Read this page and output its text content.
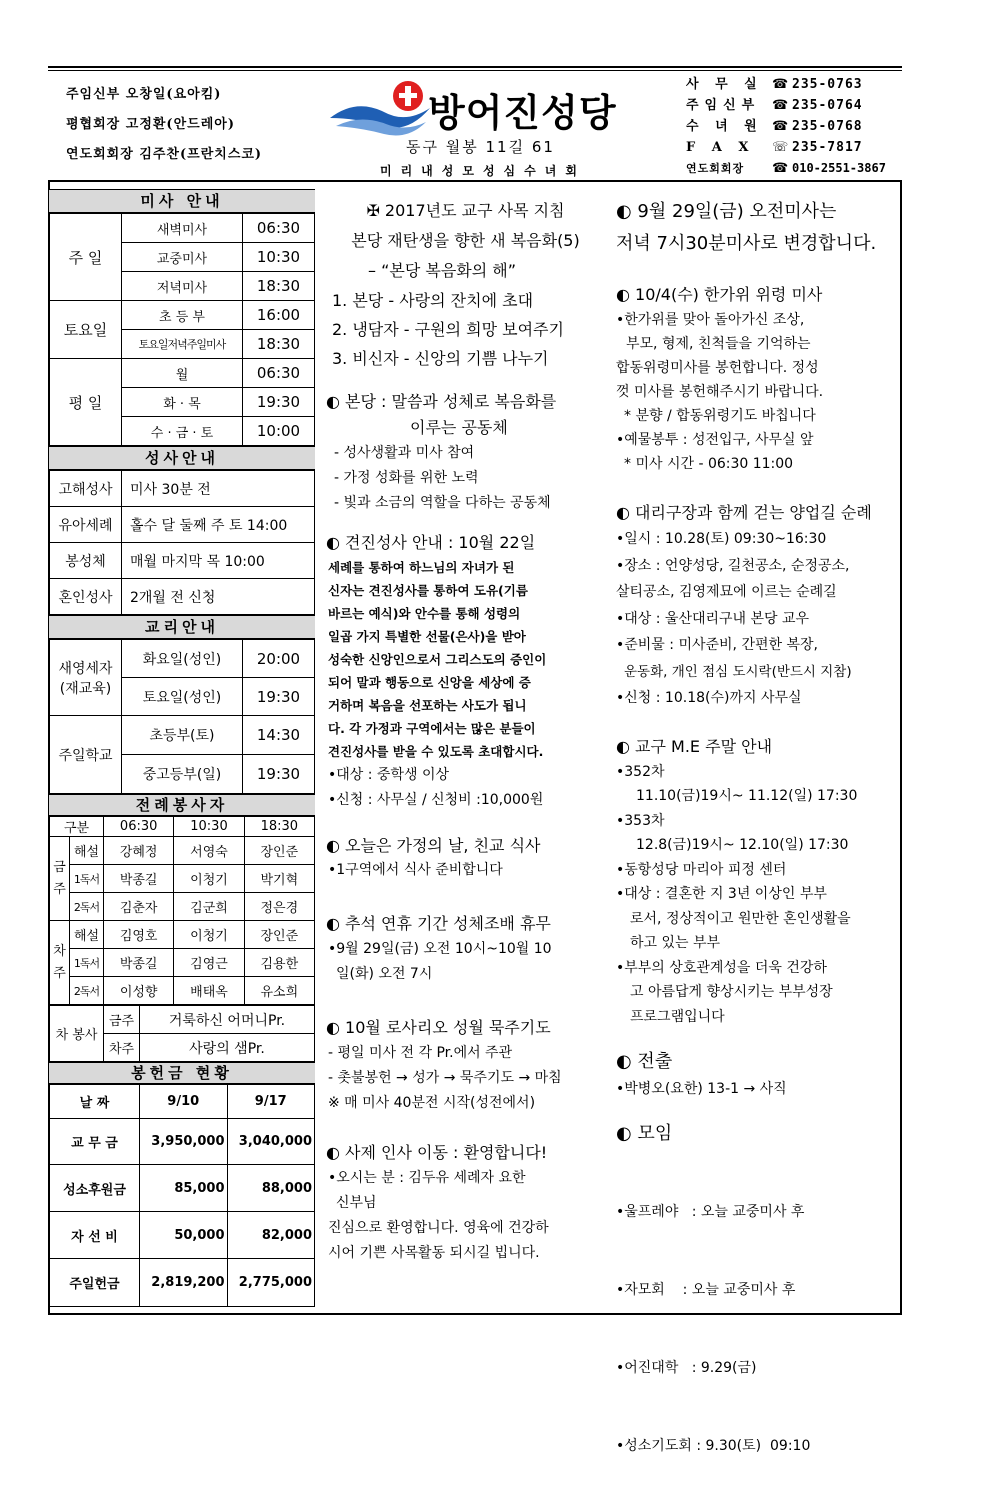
주임신부 오창일(요아킴)
평협회장 고정환(안드레아)
연도회회장 김주찬(프란치스코)
방어진성당
동구 월봉 11길 61
미리내성모성심수녀회
사 무 실 ☎ 235-0763
주임신부 ☎ 235-0764
수 녀 원 ☎ 235-0768
F A X	☏ 235-7817
연도회회장	☎ 010-2551-3867
미사 안내
주 일	새벽미사	06:30
	교중미사	10:30
	저녁미사	18:30
토요일	초 등 부	16:00
	토요일저녁주일미사	18:30
평 일	월	06:30
	화 · 목	19:30
	수 · 금 · 토	10:00
성사안내
고해성사	미사 30분 전
유아세례	홀수 달 둘째 주 토 14:00
봉성체	매월 마지막 목 10:00
혼인성사	2개월 전 신청
교리안내
새영세자
(재교육)	화요일(성인)	20:00
	토요일(성인)	19:30
주일학교	초등부(토)	14:30
	중고등부(일)	19:30
전례봉사자
구분		06:30	10:30	18:30
금
주	해설	강혜정	서영숙	장인준
	1독서	박종길	이청기	박기혁
	2독서	김춘자	김군희	정은경
차
주	해설	김영호	이청기	장인준
	1독서	박종길	김영근	김용한
	2독서	이성향	배태옥	유소희
차 봉사	금주	거룩하신 어머니Pr.
	차주	사랑의 샘Pr.
봉헌금 현황
날 짜	9/10	9/17
교 무 금	3,950,000	3,040,000
성소후원금	85,000	88,000
자 선 비	50,000	82,000
주일헌금	2,819,200	2,775,000
✠ 2017년도 교구 사목 지침
본당 재탄생을 향한 새 복음화(5)
– “본당 복음화의 해”
1. 본당 - 사랑의 잔치에 초대
2. 냉담자 - 구원의 희망 보여주기
3. 비신자 - 신앙의 기쁨 나누기
◐ 본당 : 말씀과 성체로 복음화를
이루는 공동체
- 성사생활과 미사 참여
- 가정 성화를 위한 노력
- 빛과 소금의 역할을 다하는 공동체
◐ 견진성사 안내 : 10월 22일
세례를 통하여 하느님의 자녀가 된
신자는 견진성사를 통하여 도유(기름
바르는 예식)와 안수를 통해 성령의
일곱 가지 특별한 선물(은사)을 받아
성숙한 신앙인으로서 그리스도의 증인이
되어 말과 행동으로 신앙을 세상에 증
거하며 복음을 선포하는 사도가 됩니
다. 각 가정과 구역에서는 많은 분들이
견진성사를 받을 수 있도록 초대합시다.
•대상 : 중학생 이상
•신청 : 사무실 / 신청비 :10,000원
◐ 오늘은 가정의 날, 친교 식사
•1구역에서 식사 준비합니다
◐ 추석 연휴 기간 성체조배 휴무
•9월 29일(금) 오전 10시~10월 10
일(화) 오전 7시
◐ 10월 로사리오 성월 묵주기도
- 평일 미사 전 각 Pr.에서 주관
- 촛불봉헌 → 성가 → 묵주기도 → 마침
※ 매 미사 40분전 시작(성전에서)
◐ 사제 인사 이동 : 환영합니다!
•오시는 분 : 김두유 세례자 요한
신부님
진심으로 환영합니다. 영육에 건강하
시어 기쁜 사목활동 되시길 빕니다.
◐ 9월 29일(금) 오전미사는
저녁 7시30분미사로 변경합니다.
◐ 10/4(수) 한가위 위령 미사
•한가위를 맞아 돌아가신 조상,
부모, 형제, 친척들을 기억하는
합동위령미사를 봉헌합니다. 정성
껏 미사를 봉헌해주시기 바랍니다.
* 분향 / 합동위령기도 바칩니다
•예물봉투 : 성전입구, 사무실 앞
* 미사 시간 - 06:30 11:00
◐ 대리구장과 함께 걷는 양업길 순례
•일시 : 10.28(토) 09:30~16:30
•장소 : 언양성당, 길천공소, 순정공소,
살티공소, 김영제묘에 이르는 순례길
•대상 : 울산대리구내 본당 교우
•준비물 : 미사준비, 간편한 복장,
운동화, 개인 점심 도시락(반드시 지참)
•신청 : 10.18(수)까지 사무실
◐ 교구 M.E 주말 안내
•352차
11.10(금)19시~ 11.12(일) 17:30
•353차
12.8(금)19시~ 12.10(일) 17:30
•동항성당 마리아 피정 센터
•대상 : 결혼한 지 3년 이상인 부부
로서, 정상적이고 원만한 혼인생활을
하고 있는 부부
•부부의 상호관계성을 더욱 건강하
고 아름답게 향상시키는 부부성장
프로그램입니다
◐ 전출
•박병오(요한) 13-1 → 사직
◐ 모임

•울프레야   : 오늘 교중미사 후

•자모회    : 오늘 교중미사 후

•어진대학   : 9.29(금)

•성소기도회 : 9.30(토)  09:10
